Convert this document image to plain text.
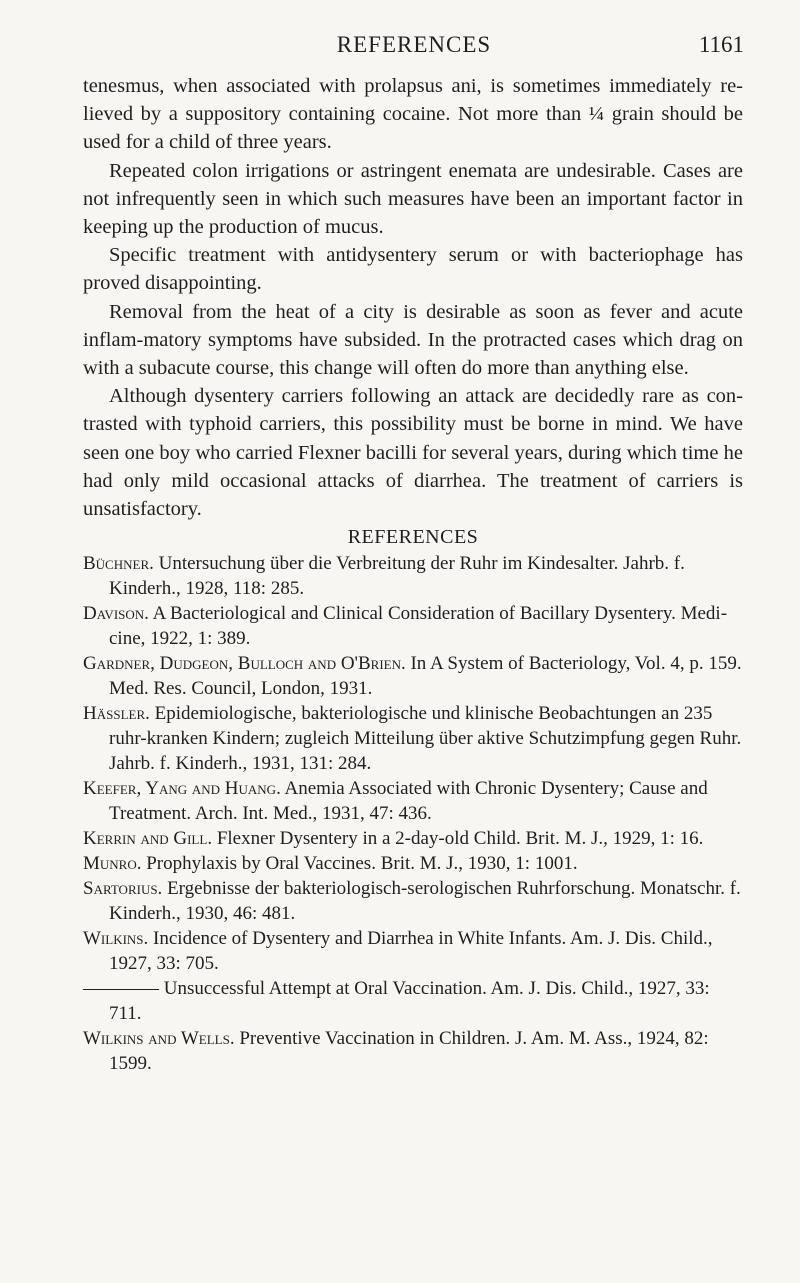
REFERENCES	1161

tenesmus, when associated with prolapsus ani, is sometimes immediately re-lieved by a suppository containing cocaine. Not more than ¼ grain should be used for a child of three years.

Repeated colon irrigations or astringent enemata are undesirable. Cases are not infrequently seen in which such measures have been an important factor in keeping up the production of mucus.

Specific treatment with antidysentery serum or with bacteriophage has proved disappointing.

Removal from the heat of a city is desirable as soon as fever and acute inflam-matory symptoms have subsided. In the protracted cases which drag on with a subacute course, this change will often do more than anything else.

Although dysentery carriers following an attack are decidedly rare as con-trasted with typhoid carriers, this possibility must be borne in mind. We have seen one boy who carried Flexner bacilli for several years, during which time he had only mild occasional attacks of diarrhea. The treatment of carriers is unsatisfactory.

REFERENCES

Büchner. Untersuchung über die Verbreitung der Ruhr im Kindesalter. Jahrb. f. Kinderh., 1928, 118: 285.
Davison. A Bacteriological and Clinical Consideration of Bacillary Dysentery. Medi-cine, 1922, 1: 389.
Gardner, Dudgeon, Bulloch and O'Brien. In A System of Bacteriology, Vol. 4, p. 159. Med. Res. Council, London, 1931.
Hässler. Epidemiologische, bakteriologische und klinische Beobachtungen an 235 ruhr-kranken Kindern; zugleich Mitteilung über aktive Schutzimpfung gegen Ruhr. Jahrb. f. Kinderh., 1931, 131: 284.
Keefer, Yang and Huang. Anemia Associated with Chronic Dysentery; Cause and Treatment. Arch. Int. Med., 1931, 47: 436.
Kerrin and Gill. Flexner Dysentery in a 2-day-old Child. Brit. M. J., 1929, 1: 16.
Munro. Prophylaxis by Oral Vaccines. Brit. M. J., 1930, 1: 1001.
Sartorius. Ergebnisse der bakteriologisch-serologischen Ruhrforschung. Monatschr. f. Kinderh., 1930, 46: 481.
Wilkins. Incidence of Dysentery and Diarrhea in White Infants. Am. J. Dis. Child., 1927, 33: 705.
———— Unsuccessful Attempt at Oral Vaccination. Am. J. Dis. Child., 1927, 33: 711.
Wilkins and Wells. Preventive Vaccination in Children. J. Am. M. Ass., 1924, 82: 1599.
